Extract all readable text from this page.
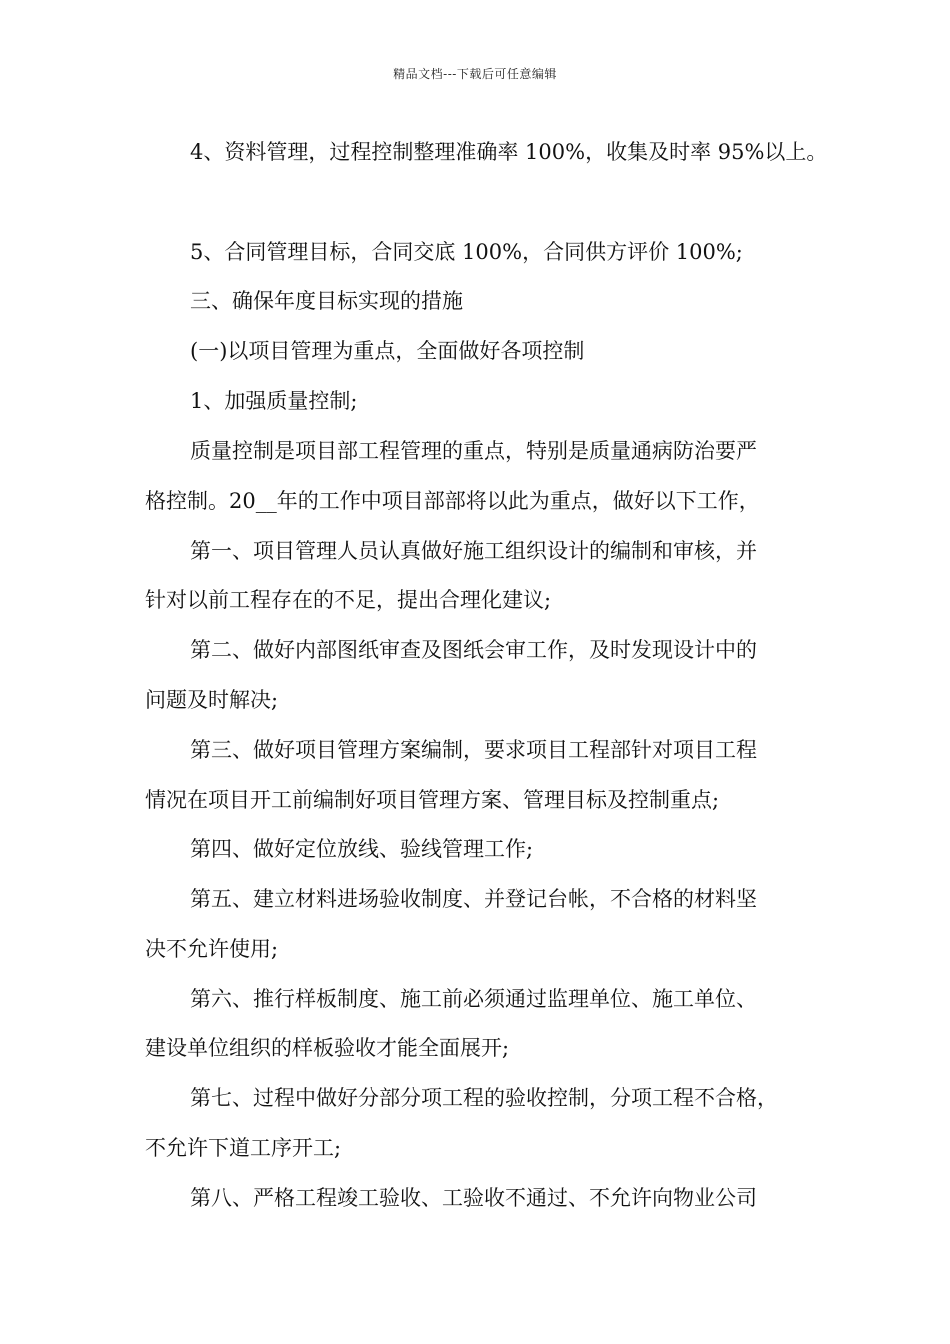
精品文档---下载后可任意编辑
4、资料管理，过程控制整理准确率 100%，收集及时率 95%以上。
5、合同管理目标，合同交底 100%，合同供方评价 100%;
三、确保年度目标实现的措施
(一)以项目管理为重点，全面做好各项控制
1、加强质量控制;
质量控制是项目部工程管理的重点，特别是质量通病防治要严
格控制。20__年的工作中项目部部将以此为重点，做好以下工作，
第一、项目管理人员认真做好施工组织设计的编制和审核，并
针对以前工程存在的不足，提出合理化建议;
第二、做好内部图纸审查及图纸会审工作，及时发现设计中的
问题及时解决;
第三、做好项目管理方案编制，要求项目工程部针对项目工程
情况在项目开工前编制好项目管理方案、管理目标及控制重点;
第四、做好定位放线、验线管理工作;
第五、建立材料进场验收制度、并登记台帐，不合格的材料坚
决不允许使用;
第六、推行样板制度、施工前必须通过监理单位、施工单位、
建设单位组织的样板验收才能全面展开;
第七、过程中做好分部分项工程的验收控制，分项工程不合格，
不允许下道工序开工;
第八、严格工程竣工验收、工验收不通过、不允许向物业公司
